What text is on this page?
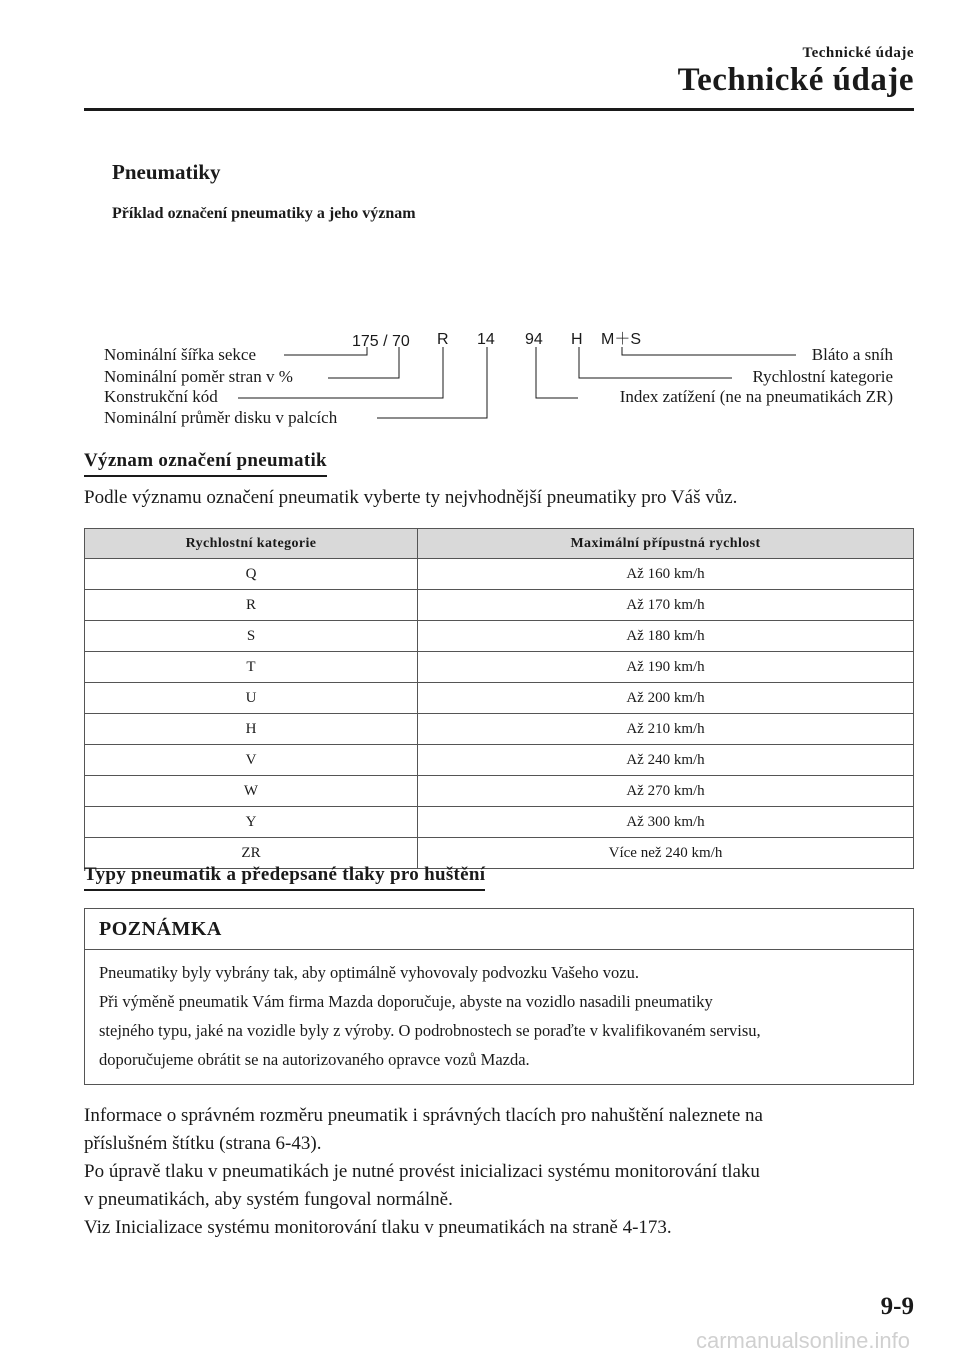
Technické údaje
Technické údaje
Pneumatiky
Příklad označení pneumatiky a jeho význam
175 / 70 R 14 94 H M＋S
Nominální šířka sekce
Nominální poměr stran v %
Konstrukční kód
Nominální průměr disku v palcích
Bláto a sníh
Rychlostní kategorie
Index zatížení (ne na pneumatikách ZR)
Význam označení pneumatik
Podle významu označení pneumatik vyberte ty nejvhodnější pneumatiky pro Váš vůz.
Rychlostní kategorie	Maximální přípustná rychlost
Q	Až 160 km/h
R	Až 170 km/h
S	Až 180 km/h
T	Až 190 km/h
U	Až 200 km/h
H	Až 210 km/h
V	Až 240 km/h
W	Až 270 km/h
Y	Až 300 km/h
ZR	Více než 240 km/h
Typy pneumatik a předepsané tlaky pro huštění
POZNÁMKA
Pneumatiky byly vybrány tak, aby optimálně vyhovovaly podvozku Vašeho vozu.
Při výměně pneumatik Vám firma Mazda doporučuje, abyste na vozidlo nasadili pneumatiky
stejného typu, jaké na vozidle byly z výroby. O podrobnostech se poraďte v kvalifikovaném servisu,
doporučujeme obrátit se na autorizovaného opravce vozů Mazda.
Informace o správném rozměru pneumatik i správných tlacích pro nahuštění naleznete na
příslušném štítku (strana 6-43).
Po úpravě tlaku v pneumatikách je nutné provést inicializaci systému monitorování tlaku
v pneumatikách, aby systém fungoval normálně.
Viz Inicializace systému monitorování tlaku v pneumatikách na straně 4-173.
9-9
carmanualsonline.info
